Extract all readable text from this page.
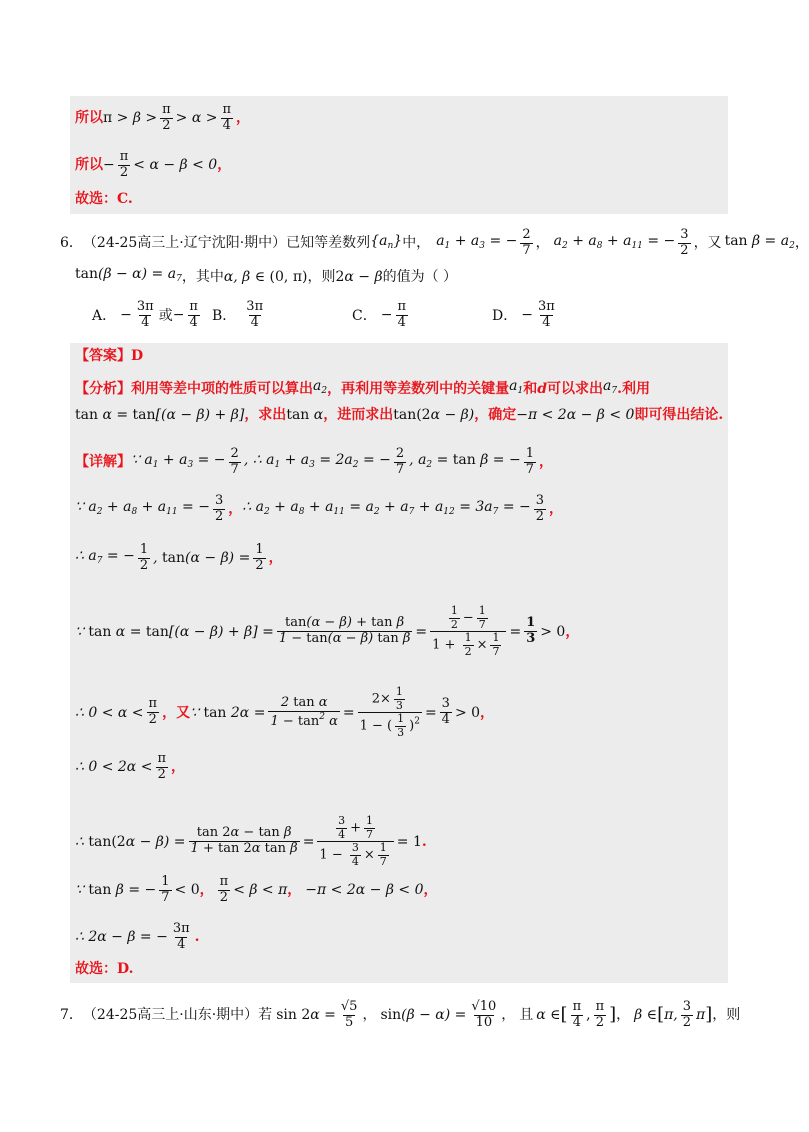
所以 $\pi > \beta > \frac{\pi}{2} > \alpha > \frac{\pi}{4}$ ，
所以 − $\frac{\pi}{2} < \alpha - \beta < 0$ ，
故选：C.
6． （24-25高三上·辽宁沈阳·期中）已知等差数列 $\{a_n\}$ 中， $a_1 + a_3$ = − $\frac{2}{7}$ ， $a_2 + a_8 + a_{11}$ = − $\frac{3}{2}$ ，又 $\tan \beta = a_2$ ，
$\tan(\beta - \alpha) = a_7$ ，其中 α, β ∈ (0, π) ，则 2α − β 的值为（ ）
A． − $\frac{3\pi}{4}$ 或 − $\frac{\pi}{4}$ B． $\frac{3\pi}{4}$	C． − $\frac{\pi}{4}$	D． − $\frac{3\pi}{4}$
【答案】 D
【分析】 利用等差中项的性质可以算出 $a_2$ ，再利用等差数列中的关键量 $a_1$ 和 d 可以求出 $a_7$ .利用
tan α = tan[(α − β) + β] ，求出 tan α ，进而求出 tan(2α − β) ，确定 −π < 2α − β < 0 即可得出结论.
【详解】 ∵ $a_1 + a_3$ = − $\frac{2}{7}$ , ∴ $a_1 + a_3 = 2a_2$ = − $\frac{2}{7}$ , $a_2 = \tan \beta$ = − $\frac{1}{7}$ ，
∵ $a_2 + a_8 + a_{11}$ = − $\frac{3}{2}$ ， ∴ $a_2 + a_8 + a_{11} = a_2 + a_7 + a_{12} = 3a_7$ = − $\frac{3}{2}$ ，
∴ $a_7$ = − $\frac{1}{2}$ , $\tan(\alpha - \beta) = \frac{1}{2}$ ，
∵ $\tan \alpha = \tan[(\alpha - \beta) + \beta] = \frac{\text{tan(α − β) + tan β}}{\text{1 − tan(α − β) tan β}} = \frac{\frac{1}{2} - \frac{1}{7}}{1 + \frac{1}{2} \times \frac{1}{7}} = \frac{1}{3} > 0$ ，
∴ $0 < \alpha < \frac{\pi}{2}$ ， 又 ∵ $\tan 2\alpha = \frac{\text{2 tan α}}{1 - \tan^2 \alpha} = \frac{2\times \frac{1}{3}}{1 - ( \frac{1}{3} )^2} = \frac{3}{4} > 0$ ，
∴ $0 < 2\alpha < \frac{\pi}{2}$ ，
∴ $\tan(2\alpha - \beta) = \frac{\text{tan 2α − tan β}}{\text{1 + tan 2α tan β}} = \frac{\frac{3}{4} + \frac{1}{7}}{1 - \frac{3}{4} \times \frac{1}{7}} = 1$ .
∵ tan β = − $\frac{1}{7} < 0$ ， $\frac{\pi}{2} < \beta < \pi$ ， −π < 2α − β < 0 ，
∴ 2α − β = − $\frac{3\pi}{4}$ .
故选：D.
7． （24-25高三上·山东·期中）若 $\sin 2\alpha = \frac{√5}{5}$ ， $\sin(\beta - \alpha) = \frac{√10}{10}$ ， 且 α ∈ [ $\frac{\pi}{4}$ , $\frac{\pi}{2}$ ] ， β ∈ [ π, $\frac{3}{2}$ π ] ，则
